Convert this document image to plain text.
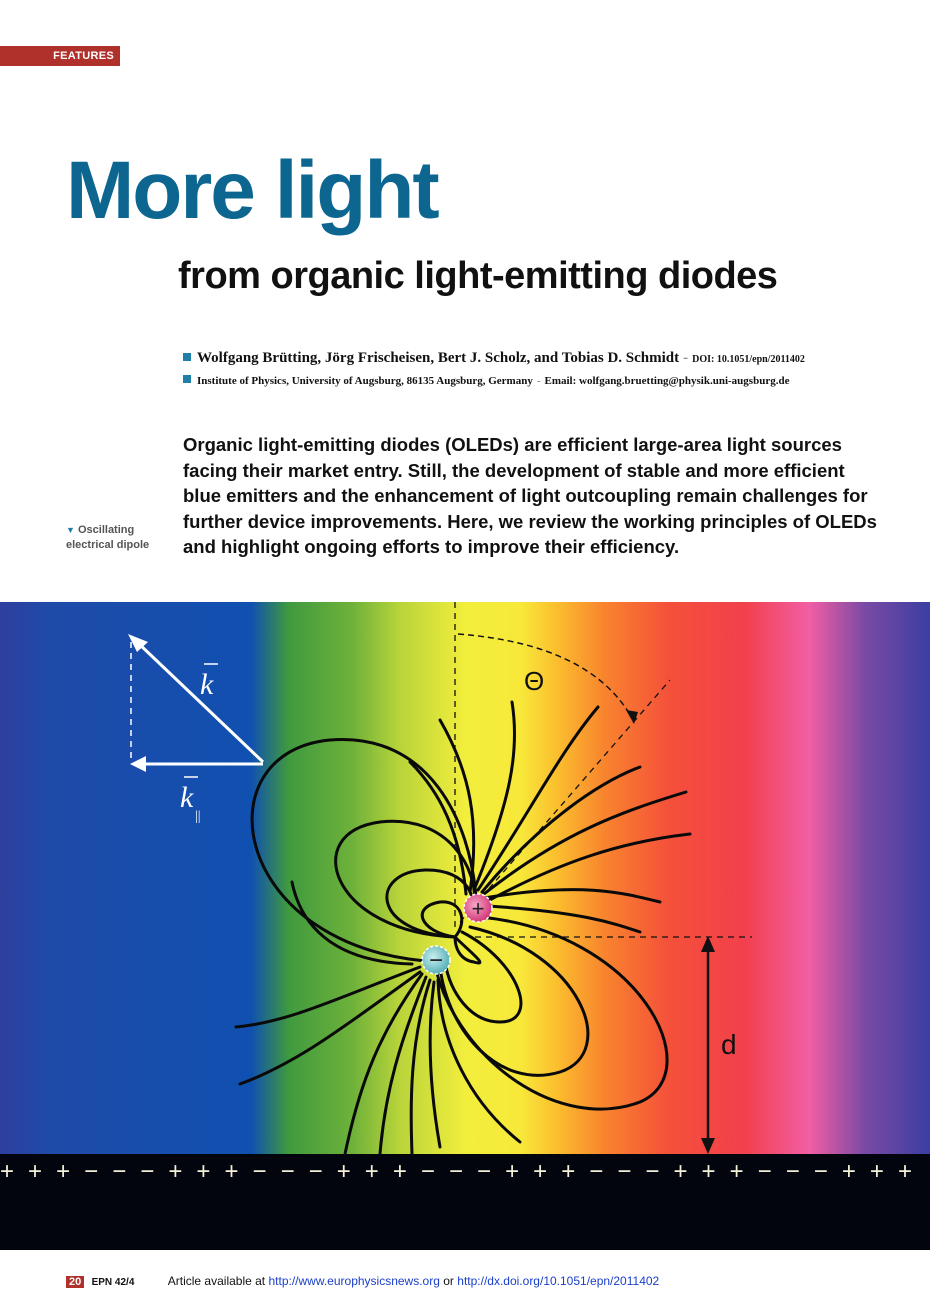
FEATURES
More light
from organic light-emitting diodes
Wolfgang Brütting, Jörg Frischeisen, Bert J. Scholz, and Tobias D. Schmidt - DOI: 10.1051/epn/2011402
Institute of Physics, University of Augsburg, 86135 Augsburg, Germany - Email: wolfgang.bruetting@physik.uni-augsburg.de

Organic light-emitting diodes (OLEDs) are efficient large-area light sources facing their market entry. Still, the development of stable and more efficient blue emitters and the enhancement of light outcoupling remain challenges for further device improvements. Here, we review the working principles of OLEDs and highlight ongoing efforts to improve their efficiency.

▼ Oscillating
electrical dipole
k
k
||
Θ
d
+
−
+++−−−+++−−−+++−−−+++−−−+++−−−+++
20 EPN 42/4	Article available at http://www.europhysicsnews.org or http://dx.doi.org/10.1051/epn/2011402
